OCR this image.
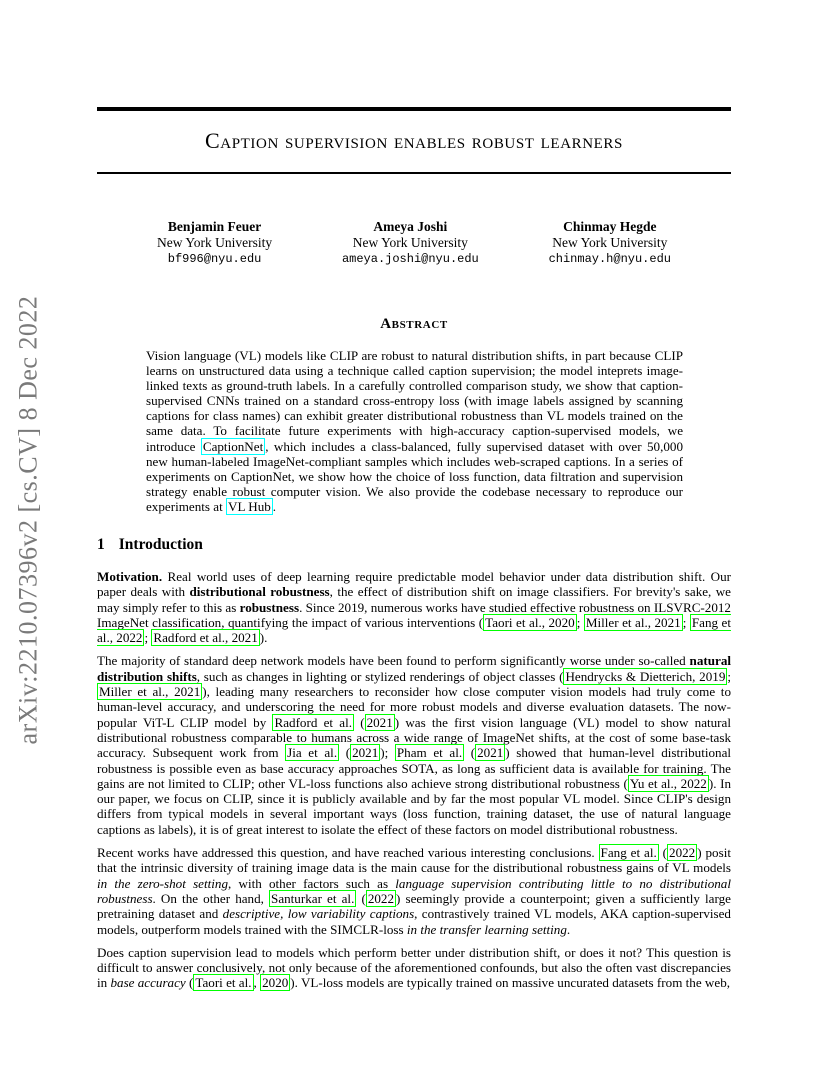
arXiv:2210.07396v2 [cs.CV] 8 Dec 2022
Caption supervision enables robust learners
Benjamin Feuer
New York University
bf996@nyu.edu
Ameya Joshi
New York University
ameya.joshi@nyu.edu
Chinmay Hegde
New York University
chinmay.h@nyu.edu
Abstract

Vision language (VL) models like CLIP are robust to natural distribution shifts, in part because CLIP learns on unstructured data using a technique called caption supervision; the model inteprets image-linked texts as ground-truth labels. In a carefully controlled comparison study, we show that caption-supervised CNNs trained on a standard cross-entropy loss (with image labels assigned by scanning captions for class names) can exhibit greater distributional robustness than VL models trained on the same data. To facilitate future experiments with high-accuracy caption-supervised models, we introduce CaptionNet , which includes a class-balanced, fully supervised dataset with over 50,000 new human-labeled ImageNet-compliant samples which includes web-scraped captions. In a series of experiments on CaptionNet, we show how the choice of loss function, data filtration and supervision strategy enable robust computer vision. We also provide the codebase necessary to reproduce our experiments at VL Hub .

1 Introduction

Motivation. Real world uses of deep learning require predictable model behavior under data distribution shift. Our paper deals with distributional robustness, the effect of distribution shift on image classifiers. For brevity's sake, we may simply refer to this as robustness. Since 2019, numerous works have studied effective robustness on ILSVRC-2012 ImageNet classification, quantifying the impact of various interventions ( Taori et al., 2020 ; Miller et al., 2021 ; Fang et al., 2022 ; Radford et al., 2021 ).

The majority of standard deep network models have been found to perform significantly worse under so-called natural distribution shifts, such as changes in lighting or stylized renderings of object classes ( Hendrycks & Dietterich, 2019 ; Miller et al., 2021 ), leading many researchers to reconsider how close computer vision models had truly come to human-level accuracy, and underscoring the need for more robust models and diverse evaluation datasets. The now-popular ViT-L CLIP model by Radford et al. ( 2021 ) was the first vision language (VL) model to show natural distributional robustness comparable to humans across a wide range of ImageNet shifts, at the cost of some base-task accuracy. Subsequent work from Jia et al. ( 2021 ); Pham et al. ( 2021 ) showed that human-level distributional robustness is possible even as base accuracy approaches SOTA, as long as sufficient data is available for training. The gains are not limited to CLIP; other VL-loss functions also achieve strong distributional robustness ( Yu et al., 2022 ). In our paper, we focus on CLIP, since it is publicly available and by far the most popular VL model. Since CLIP's design differs from typical models in several important ways (loss function, training dataset, the use of natural language captions as labels), it is of great interest to isolate the effect of these factors on model distributional robustness.

Recent works have addressed this question, and have reached various interesting conclusions. Fang et al. ( 2022 ) posit that the intrinsic diversity of training image data is the main cause for the distributional robustness gains of VL models in the zero-shot setting, with other factors such as language supervision contributing little to no distributional robustness. On the other hand, Santurkar et al. ( 2022 ) seemingly provide a counterpoint; given a sufficiently large pretraining dataset and descriptive, low variability captions, contrastively trained VL models, AKA caption-supervised models, outperform models trained with the SIMCLR-loss in the transfer learning setting.

Does caption supervision lead to models which perform better under distribution shift, or does it not? This question is difficult to answer conclusively, not only because of the aforementioned confounds, but also the often vast discrepancies in base accuracy ( Taori et al. , 2020 ). VL-loss models are typically trained on massive uncurated datasets from the web,
